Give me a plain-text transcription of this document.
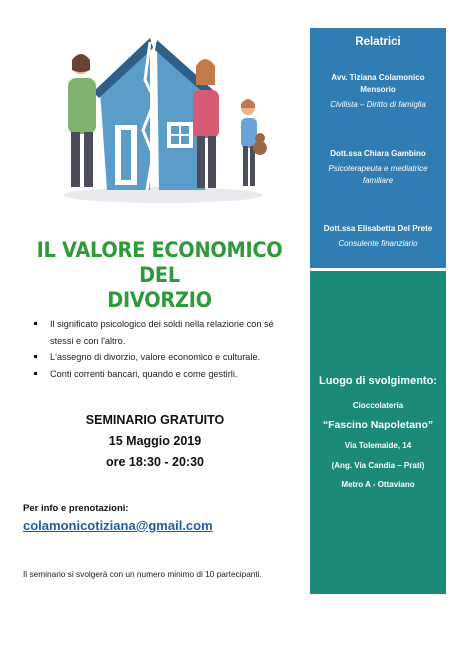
IL VALORE ECONOMICO DEL
DIVORZIO
Il significato psicologico dei soldi nella relazione con sé stessi e con l'altro.
L'assegno di divorzio, valore economico e culturale.
Conti correnti bancari, quando e come gestirli.
SEMINARIO GRATUITO
15 Maggio 2019
ore 18:30 - 20:30
Per info e prenotazioni:
colamonicotiziana@gmail.com
Il seminario si svolgerà con un numero minimo di 10 partecipanti.
Relatrici
Avv. Tiziana Colamonico
Mensorio
Civilista – Diritto di famiglia
Dott.ssa Chiara Gambino
Psicoterapeuta e mediatrice
familiare
Dott.ssa Elisabetta Del Prete
Consulente finanziario
Luogo di svolgimento:
Cioccolateria
“Fascino Napoletano”
Via Tolemaide, 14
(Ang. Via Candia – Prati)
Metro A - Ottaviano
